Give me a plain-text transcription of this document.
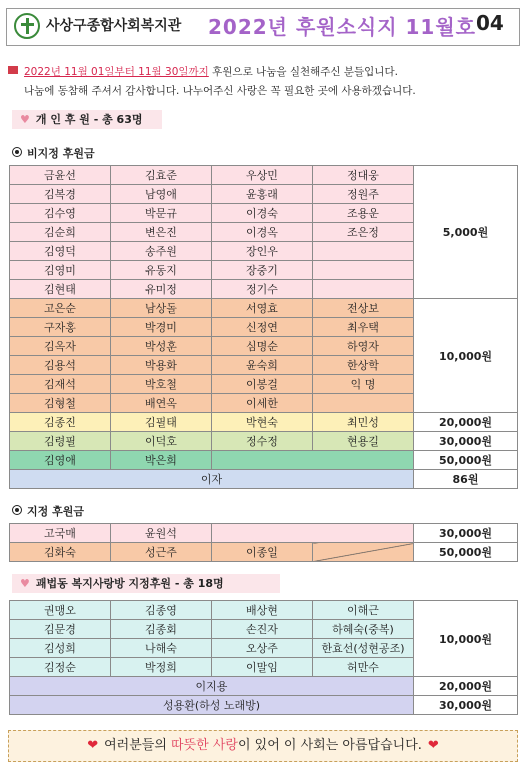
사상구종합사회복지관 2022년 후원소식지 11월호 04
2022년 11월 01일부터 11월 30일까지 후원으로 나눔을 실천해주신 분들입니다.
나눔에 동참해 주셔서 감사합니다. 나누어주신 사랑은 꼭 필요한 곳에 사용하겠습니다.
♥ 개 인 후 원 - 총 63명
비지정 후원금
금윤선	김효준	우상민	정대웅	5,000원
김복경	남영애	윤홍래	정원주	
김수영	박문규	이경숙	조용운	
김순희	변은진	이경옥	조은정	
김영덕	송주원	장인우		
김영미	유동지	장중기		
김현태	유미정	정기수		
고은순	남상돌	서영효	전상보	10,000원
구자홍	박경미	신정연	최우택	
김옥자	박성훈	심명순	하영자	
김용석	박용화	윤숙희	한상학	
김재석	박호철	이봉걸	익 명	
김형철	배연옥	이세한		
김종진	김필태	박현숙	최민성	20,000원
김령필	이덕호	정수정	현용길	30,000원
김영애	박은희			50,000원
이자				86원
지정 후원금
고국매	윤원석			30,000원
김화숙	성근주	이종일		50,000원
♥ 괘법동 복지사랑방 지정후원 - 총 18명
권맹오	김종영	배상현	이해근	10,000원
김문경	김종회	손진자	하혜숙(중복)	
김성희	나해숙	오상주	한효선(성현공조)	
김정순	박정희	이말임	허만수	
이지용				20,000원
성용환(하성 노래방)				30,000원
❤ 여러분들의 따뜻한 사랑이 있어 이 사회는 아름답습니다. ❤
